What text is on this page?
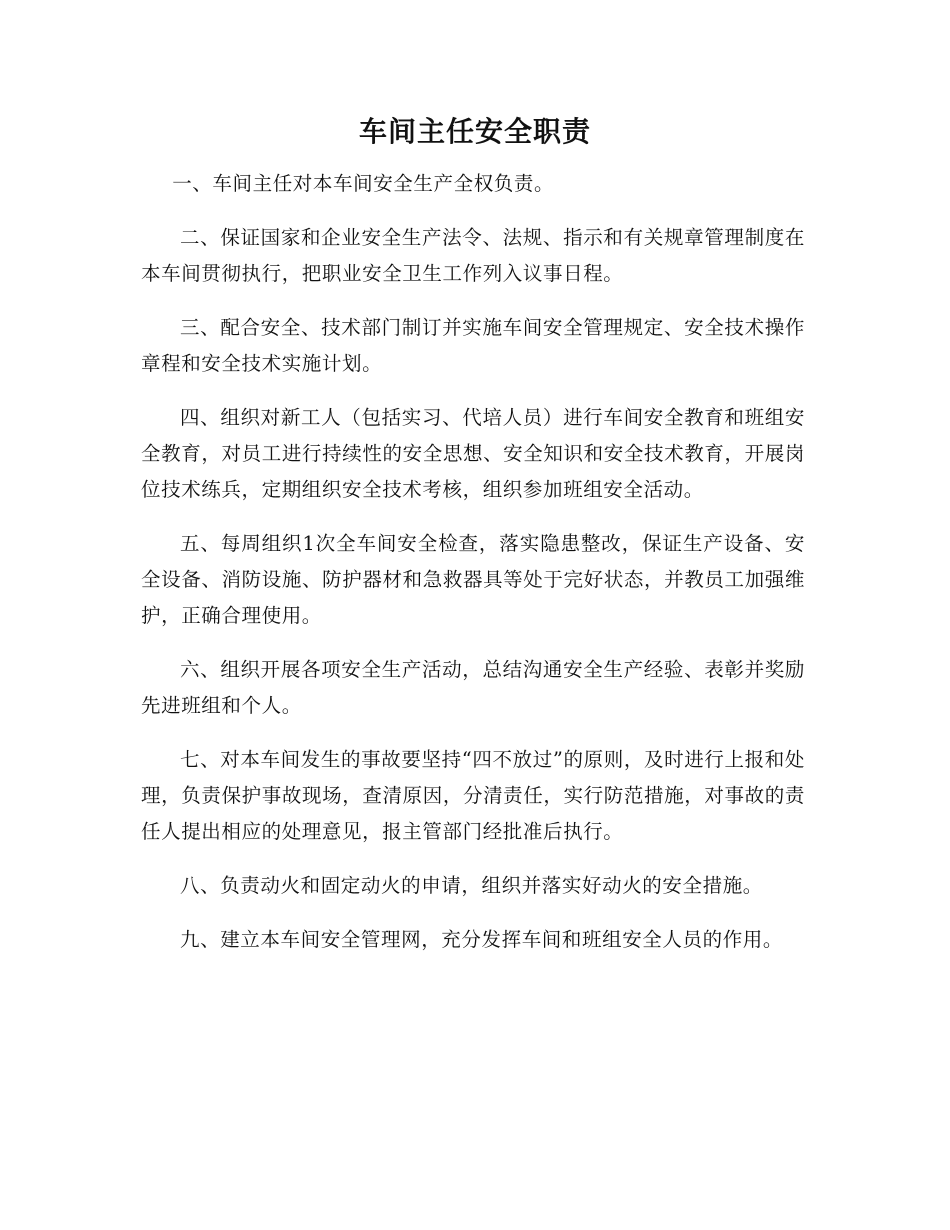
车间主任安全职责

一、车间主任对本车间安全生产全权负责。

二、保证国家和企业安全生产法令、法规、指示和有关规章管理制度在本车间贯彻执行，把职业安全卫生工作列入议事日程。

三、配合安全、技术部门制订并实施车间安全管理规定、安全技术操作章程和安全技术实施计划。

四、组织对新工人（包括实习、代培人员）进行车间安全教育和班组安全教育，对员工进行持续性的安全思想、安全知识和安全技术教育，开展岗位技术练兵，定期组织安全技术考核，组织参加班组安全活动。

五、每周组织1次全车间安全检查，落实隐患整改，保证生产设备、安全设备、消防设施、防护器材和急救器具等处于完好状态，并教员工加强维护，正确合理使用。

六、组织开展各项安全生产活动，总结沟通安全生产经验、表彰并奖励先进班组和个人。

七、对本车间发生的事故要坚持“四不放过”的原则，及时进行上报和处理，负责保护事故现场，查清原因，分清责任，实行防范措施，对事故的责任人提出相应的处理意见，报主管部门经批准后执行。

八、负责动火和固定动火的申请，组织并落实好动火的安全措施。

九、建立本车间安全管理网，充分发挥车间和班组安全人员的作用。
